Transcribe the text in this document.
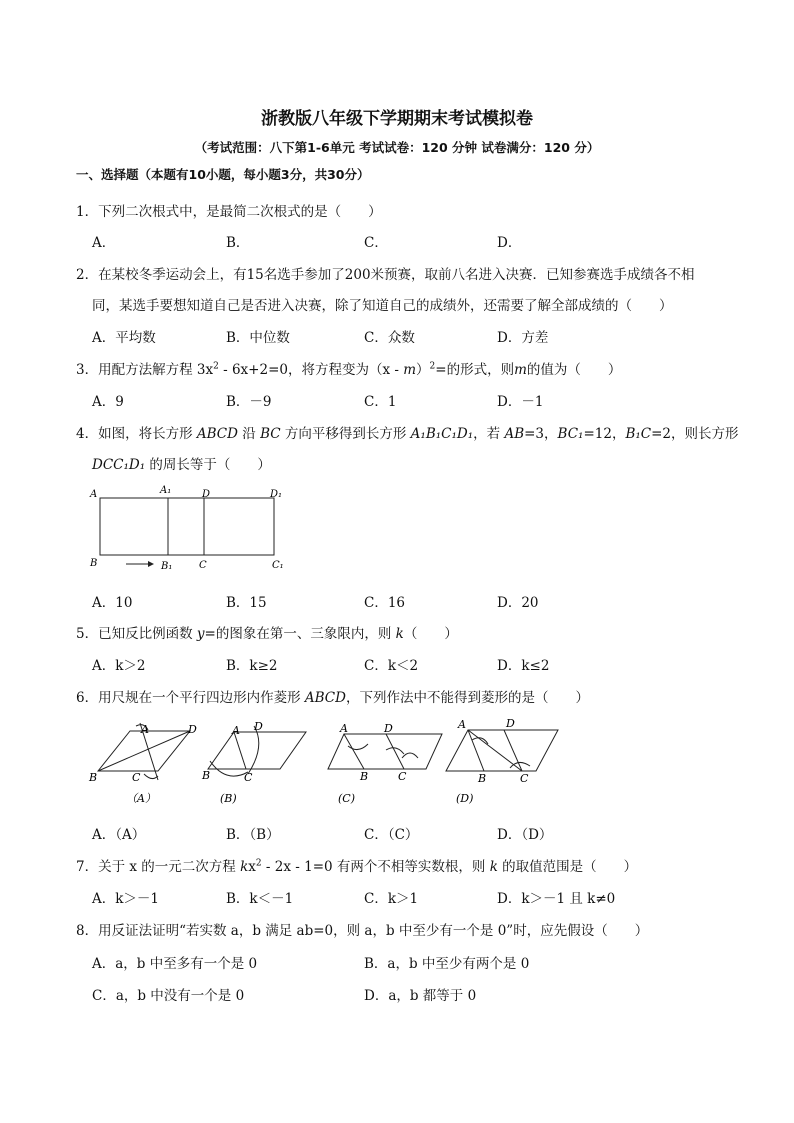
浙教版八年级下学期期末考试模拟卷
（考试范围：八下第1-6单元 考试试卷：120 分钟 试卷满分：120 分）
一、选择题（本题有10小题，每小题3分，共30分）
1．下列二次根式中，是最简二次根式的是（　　）
A．	B．	C．	D．
2．在某校冬季运动会上，有15名选手参加了200米预赛，取前八名进入决赛．已知参赛选手成绩各不相
同，某选手要想知道自己是否进入决赛，除了知道自己的成绩外，还需要了解全部成绩的（　　）
A．平均数	B．中位数	C．众数	D．方差
3．用配方法解方程 $3x^2 - 6x+2=0$，将方程变为（x - m）$^2$=的形式，则m的值为（　　）
A．9	B．－9	C．1	D．－1
4．如图，将长方形 ABCD 沿 BC 方向平移得到长方形 A₁B₁C₁D₁，若 AB=3，BC₁=12，B₁C=2，则长方形
DCC₁D₁ 的周长等于（　　）
A	A₁	D	D₁
B	B₁	C	C₁
A．10	B．15	C．16	D．20
5．已知反比例函数 y=的图象在第一、三象限内，则 k（　　）
A．k＞2	B．k≥2	C．k＜2	D．k≤2
6．用尺规在一个平行四边形内作菱形 ABCD，下列作法中不能得到菱形的是（　　）
A
B	C
D
（A）
A
B	C
D
(B)
A
B	C
D
(C)
A
B	C
D
(D)
A．（A）	B．（B）	C．（C）	D．（D）
7．关于 x 的一元二次方程 $kx^2 - 2x - 1=0$ 有两个不相等实数根，则 k 的取值范围是（　　）
A．k＞－1	B．k＜－1	C．k＞1	D．k＞－1 且 k≠0
8．用反证法证明“若实数 a，b 满足 ab=0，则 a，b 中至少有一个是 0”时，应先假设（　　）
A．a，b 中至多有一个是 0	B．a，b 中至少有两个是 0
C．a，b 中没有一个是 0	D．a，b 都等于 0
